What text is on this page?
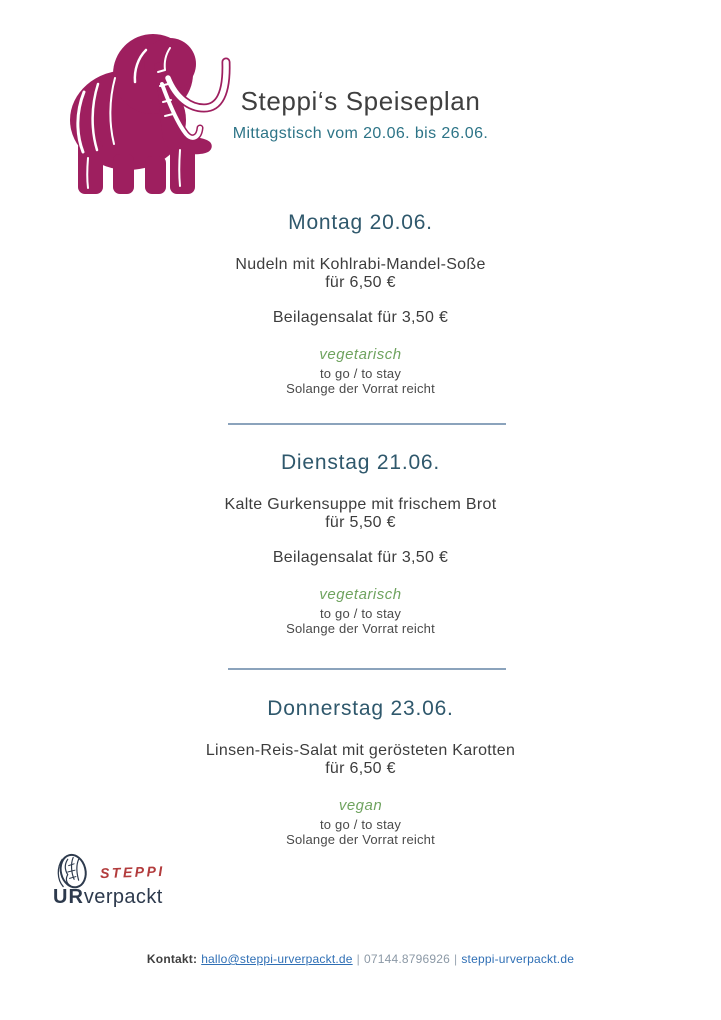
Steppi‘s Speiseplan
Mittagstisch vom 20.06. bis 26.06.
Montag 20.06.
Nudeln mit Kohlrabi-Mandel-Soße
für 6,50 €
Beilagensalat für 3,50 €
vegetarisch
to go / to stay
Solange der Vorrat reicht
Dienstag 21.06.
Kalte Gurkensuppe mit frischem Brot
für 5,50 €
Beilagensalat für 3,50 €
vegetarisch
to go / to stay
Solange der Vorrat reicht
Donnerstag 23.06.
Linsen-Reis-Salat mit gerösteten Karotten
für 6,50 €
vegan
to go / to stay
Solange der Vorrat reicht
STEPPI
URverpackt
Kontakt: hallo@steppi-urverpackt.de | 07144.8796926 | steppi-urverpackt.de
